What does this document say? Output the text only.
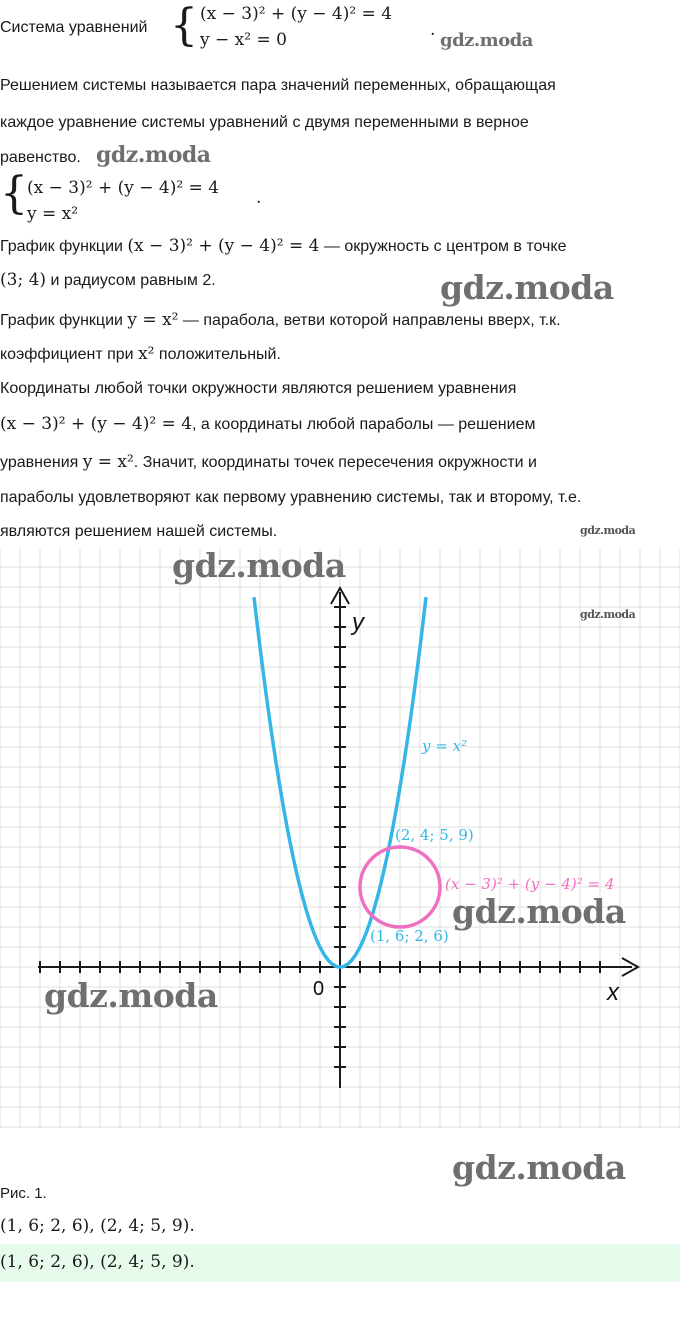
Система уравнений { (x − 3)² + (y − 4)² = 4
y − x² = 0	. gdz.moda
Решением системы называется пара значений переменных, обращающая
каждое уравнение системы уравнений с двумя переменными в верное
равенство. gdz.moda
{ (x − 3)² + (y − 4)² = 4
y = x²
.
График функции (x − 3)² + (y − 4)² = 4 — окружность с центром в точке
(3; 4) и радиусом равным 2.	gdz.moda
График функции y = x² — парабола, ветви которой направлены вверх, т.к.
коэффициент при x² положительный.
Координаты любой точки окружности являются решением уравнения
(x − 3)² + (y − 4)² = 4, а координаты любой параболы — решением
уравнения y = x². Значит, координаты точек пересечения окружности и
параболы удовлетворяют как первому уравнению системы, так и второму, т.е.
являются решением нашей системы.	gdz.moda
y
x
0
y = x²
(x − 3)² + (y − 4)² = 4
(2, 4; 5, 9)
(1, 6; 2, 6)
gdz.moda
gdz.moda
gdz.moda
gdz.moda
gdz.moda
Рис. 1.
(1, 6; 2, 6), (2, 4; 5, 9).
(1, 6; 2, 6), (2, 4; 5, 9).
